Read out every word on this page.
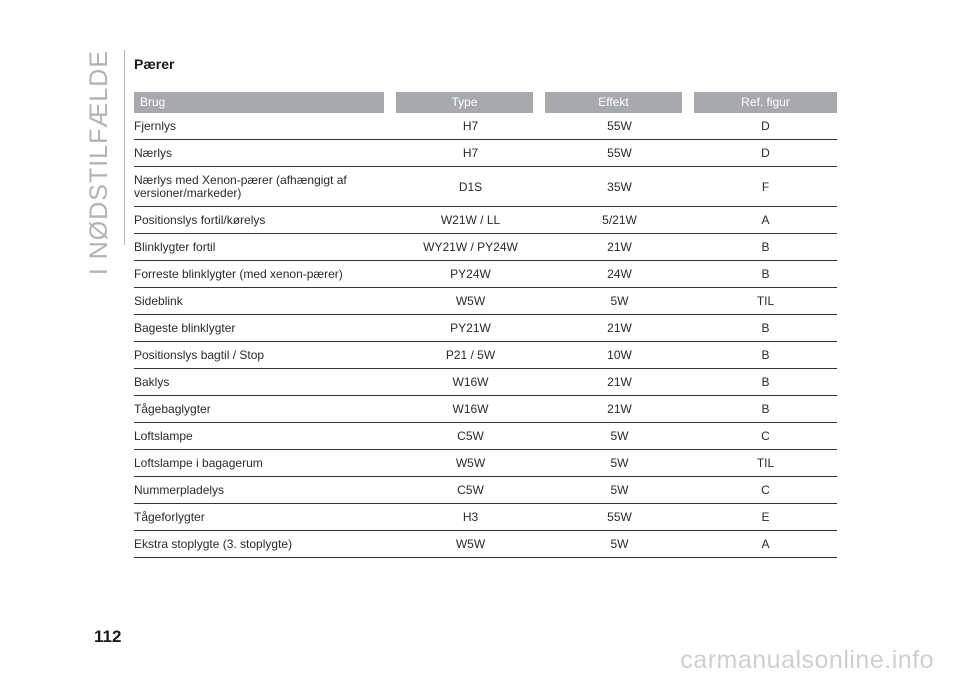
I NØDSTILFÆLDE Pærer
Brug	Type	Effekt	Ref. figur
Fjernlys	H7	55W	D
Nærlys	H7	55W	D
Nærlys med Xenon-pærer (afhængigt af versioner/markeder)	D1S	35W	F
Positionslys fortil/kørelys	W21W / LL	5/21W	A
Blinklygter fortil	WY21W / PY24W	21W	B
Forreste blinklygter (med xenon-pærer)	PY24W	24W	B
Sideblink	W5W	5W	TIL
Bageste blinklygter	PY21W	21W	B
Positionslys bagtil / Stop	P21 / 5W	10W	B
Baklys	W16W	21W	B
Tågebaglygter	W16W	21W	B
Loftslampe	C5W	5W	C
Loftslampe i bagagerum	W5W	5W	TIL
Nummerpladelys	C5W	5W	C
Tågeforlygter	H3	55W	E
Ekstra stoplygte (3. stoplygte)	W5W	5W	A
112
carmanualsonline.info
